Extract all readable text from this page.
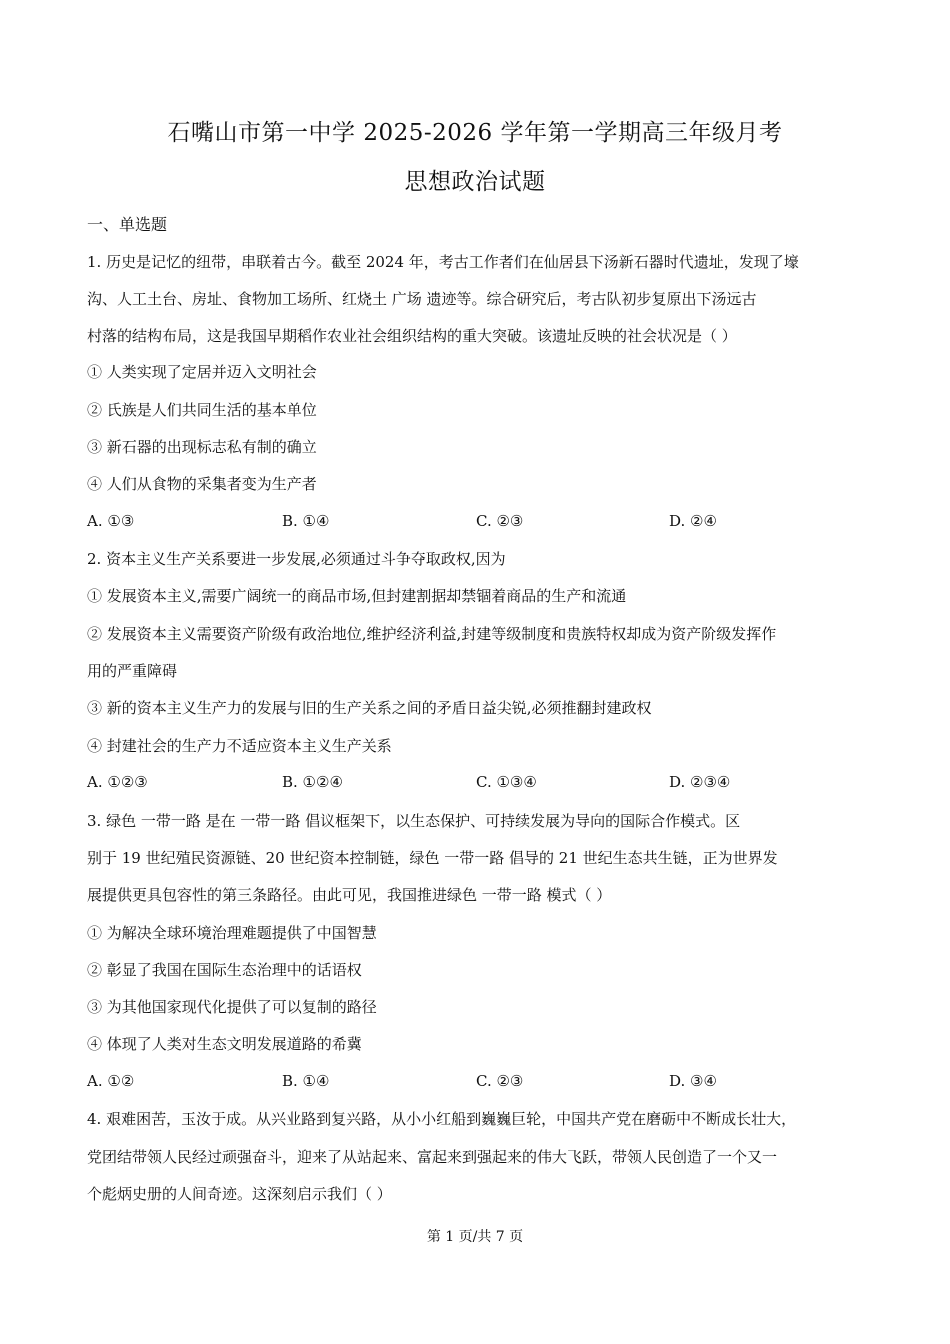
石嘴山市第一中学 2025-2026 学年第一学期高三年级月考
思想政治试题
一、单选题
1. 历史是记忆的纽带，串联着古今。截至 2024 年，考古工作者们在仙居县下汤新石器时代遗址，发现了壕
沟、人工土台、房址、食物加工场所、红烧土 广场 遗迹等。综合研究后，考古队初步复原出下汤远古
村落的结构布局，这是我国早期稻作农业社会组织结构的重大突破。该遗址反映的社会状况是（ ）
① 人类实现了定居并迈入文明社会
② 氏族是人们共同生活的基本单位
③ 新石器的出现标志私有制的确立
④ 人们从食物的采集者变为生产者
A. ①③	B. ①④	C. ②③	D. ②④
2. 资本主义生产关系要进一步发展,必须通过斗争夺取政权,因为
① 发展资本主义,需要广阔统一的商品市场,但封建割据却禁锢着商品的生产和流通
② 发展资本主义需要资产阶级有政治地位,维护经济利益,封建等级制度和贵族特权却成为资产阶级发挥作
用的严重障碍
③ 新的资本主义生产力的发展与旧的生产关系之间的矛盾日益尖锐,必须推翻封建政权
④ 封建社会的生产力不适应资本主义生产关系
A. ①②③	B. ①②④	C. ①③④	D. ②③④
3. 绿色 一带一路 是在 一带一路 倡议框架下，以生态保护、可持续发展为导向的国际合作模式。区
别于 19 世纪殖民资源链、20 世纪资本控制链，绿色 一带一路 倡导的 21 世纪生态共生链，正为世界发
展提供更具包容性的第三条路径。由此可见，我国推进绿色 一带一路 模式（ ）
① 为解决全球环境治理难题提供了中国智慧
② 彰显了我国在国际生态治理中的话语权
③ 为其他国家现代化提供了可以复制的路径
④ 体现了人类对生态文明发展道路的希冀
A. ①②	B. ①④	C. ②③	D. ③④
4. 艰难困苦，玉汝于成。从兴业路到复兴路，从小小红船到巍巍巨轮，中国共产党在磨砺中不断成长壮大，
党团结带领人民经过顽强奋斗，迎来了从站起来、富起来到强起来的伟大飞跃，带领人民创造了一个又一
个彪炳史册的人间奇迹。这深刻启示我们（ ）
第 1 页/共 7 页
